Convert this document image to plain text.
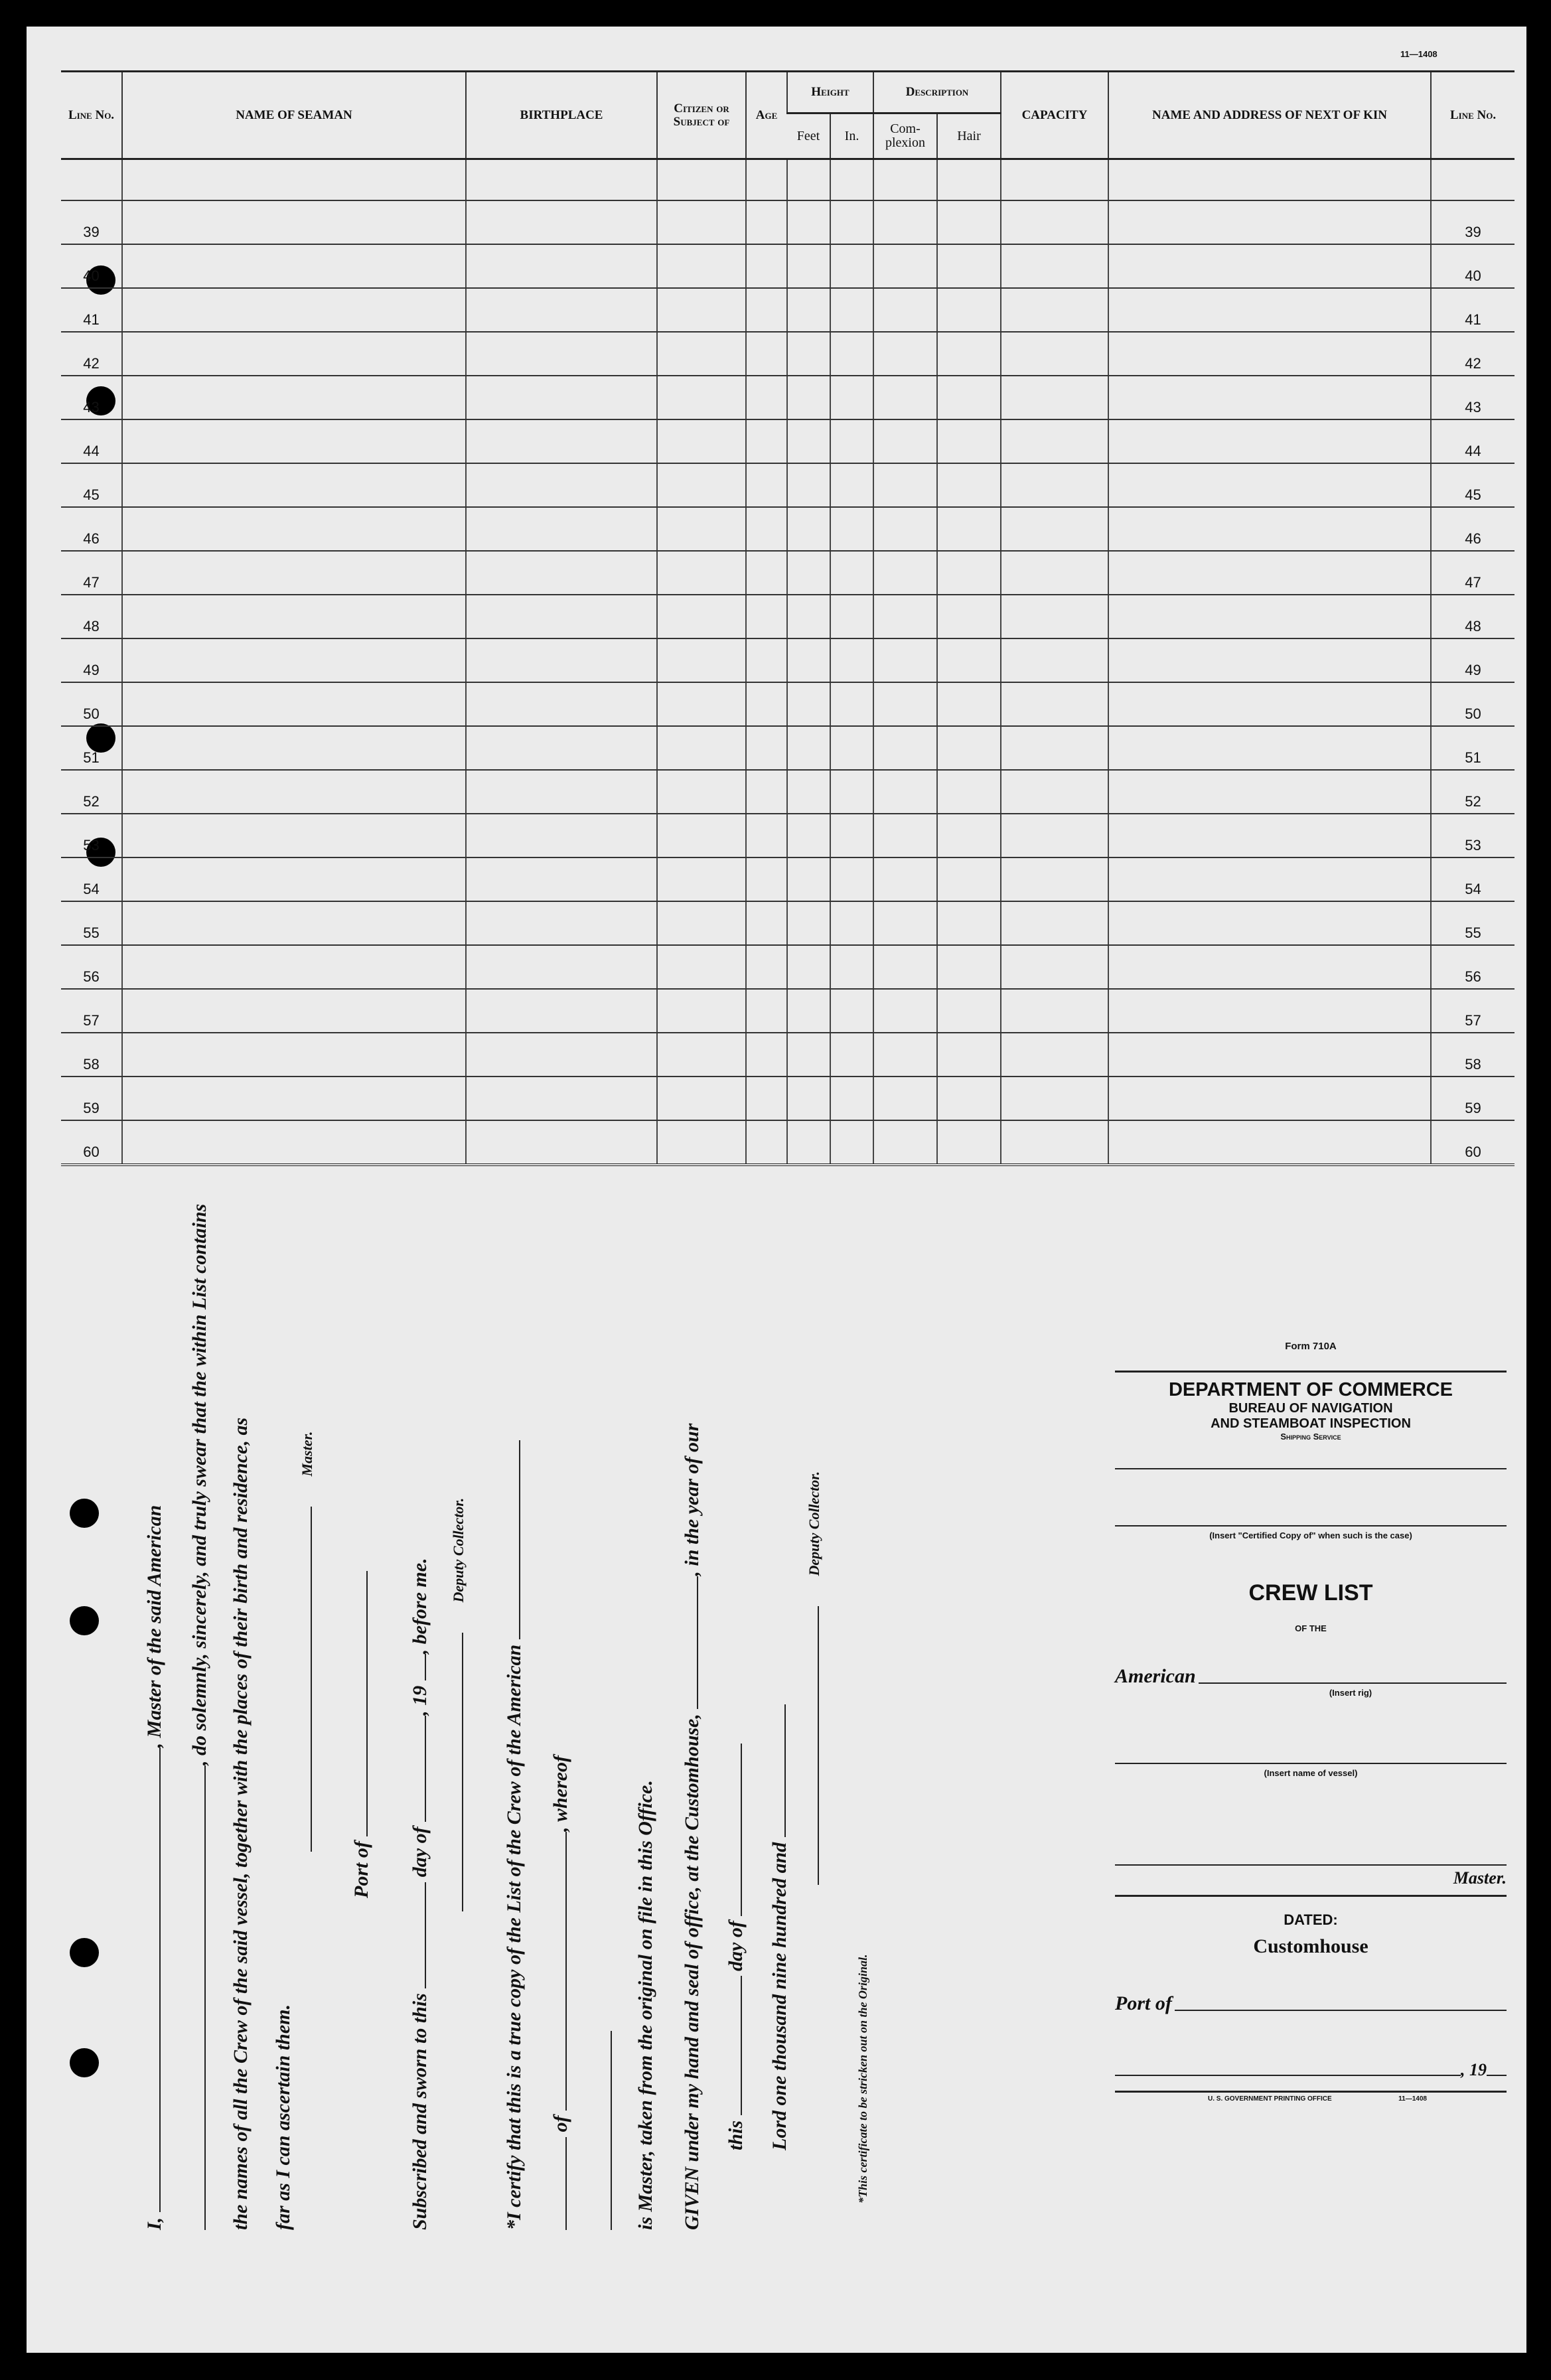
11—1408
Line No.	NAME OF SEAMAN	BIRTHPLACE	Citizen or Subject of	Age	Height		Description		CAPACITY	NAME AND ADDRESS OF NEXT OF KIN	Line No.
					Feet	In.	Com- plexion	Hair			

39											39
40											40
41											41
42											42
43											43
44											44
45											45
46											46
47											47
48											48
49											49
50											50
51											51
52											52
53											53
54											54
55											55
56											56
57											57
58											58
59											59
60											60
I, , Master of the said American , do solemnly, sincerely, and truly swear that the within List contains the names of all the Crew of the said vessel, together with the places of their birth and residence, as far as I can ascertain them.
Master.
Port of
Subscribed and sworn to this  day of , 19 , before me.
Deputy Collector.
*I certify that this is a true copy of the List of the Crew of the American of , whereof	is Master, taken from the original on file in this Office. GIVEN under my hand and seal of office, at the Customhouse, , in the year of our
this  day of Lord one thousand nine hundred and
Deputy Collector.
*This certificate to be stricken out on the Original.
Form 710A
DEPARTMENT OF COMMERCE
BUREAU OF NAVIGATION
AND STEAMBOAT INSPECTION
Shipping Service
(Insert "Certified Copy of" when such is the case)
CREW LIST
OF THE
American
(Insert rig)
(Insert name of vessel)
Master.
DATED:
Customhouse
Port of
, 19
U. S. GOVERNMENT PRINTING OFFICE	11—1408
